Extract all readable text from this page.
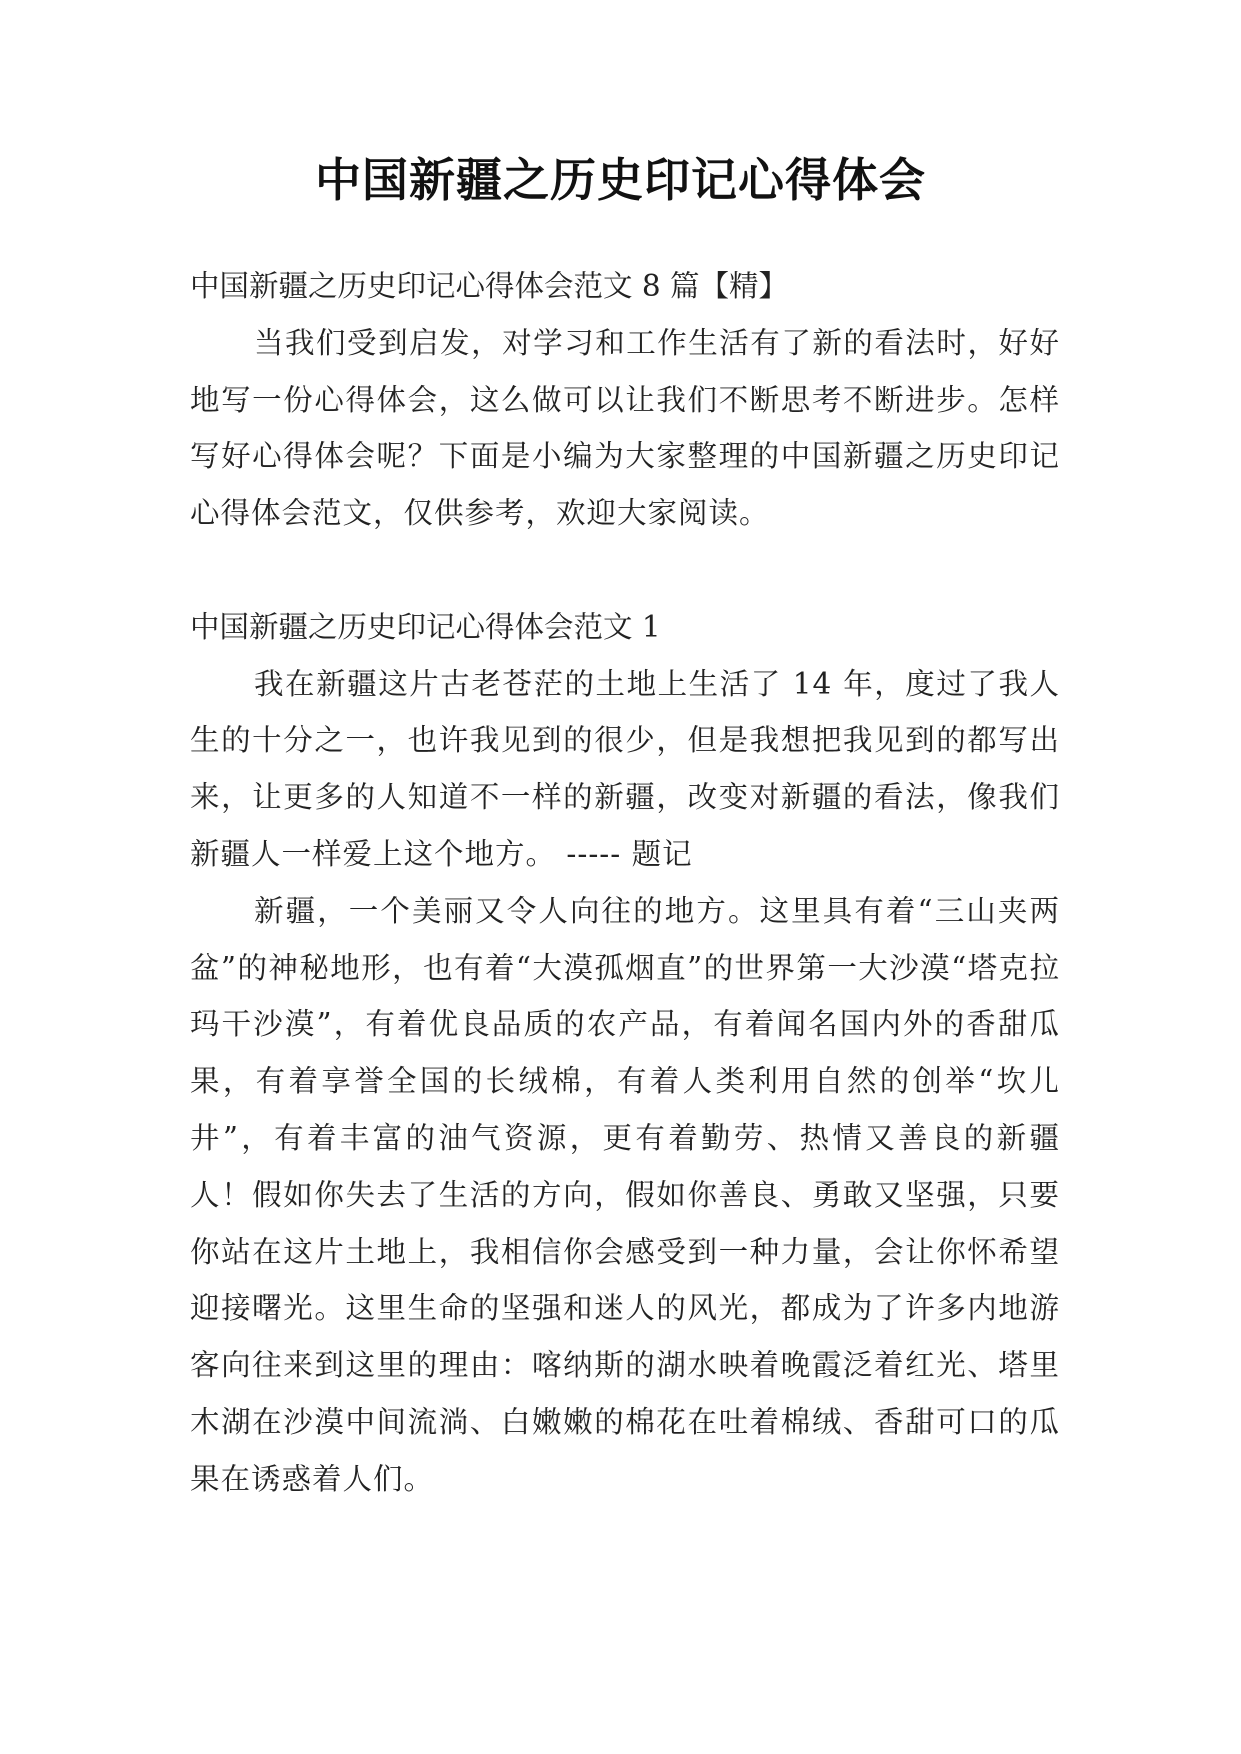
中国新疆之历史印记心得体会

中国新疆之历史印记心得体会范文 8 篇【精】

当我们受到启发，对学习和工作生活有了新的看法时，好好地写一份心得体会，这么做可以让我们不断思考不断进步。怎样写好心得体会呢？下面是小编为大家整理的中国新疆之历史印记心得体会范文，仅供参考，欢迎大家阅读。

中国新疆之历史印记心得体会范文 1

我在新疆这片古老苍茫的土地上生活了 14 年，度过了我人生的十分之一，也许我见到的很少，但是我想把我见到的都写出来，让更多的人知道不一样的新疆，改变对新疆的看法，像我们新疆人一样爱上这个地方。 ----- 题记

新疆，一个美丽又令人向往的地方。这里具有着“三山夹两盆”的神秘地形，也有着“大漠孤烟直”的世界第一大沙漠“塔克拉玛干沙漠”，有着优良品质的农产品，有着闻名国内外的香甜瓜果，有着享誉全国的长绒棉，有着人类利用自然的创举“坎儿井”，有着丰富的油气资源，更有着勤劳、热情又善良的新疆人！假如你失去了生活的方向，假如你善良、勇敢又坚强，只要你站在这片土地上，我相信你会感受到一种力量，会让你怀希望迎接曙光。这里生命的坚强和迷人的风光，都成为了许多内地游客向往来到这里的理由：喀纳斯的湖水映着晚霞泛着红光、塔里木湖在沙漠中间流淌、白嫩嫩的棉花在吐着棉绒、香甜可口的瓜果在诱惑着人们。
